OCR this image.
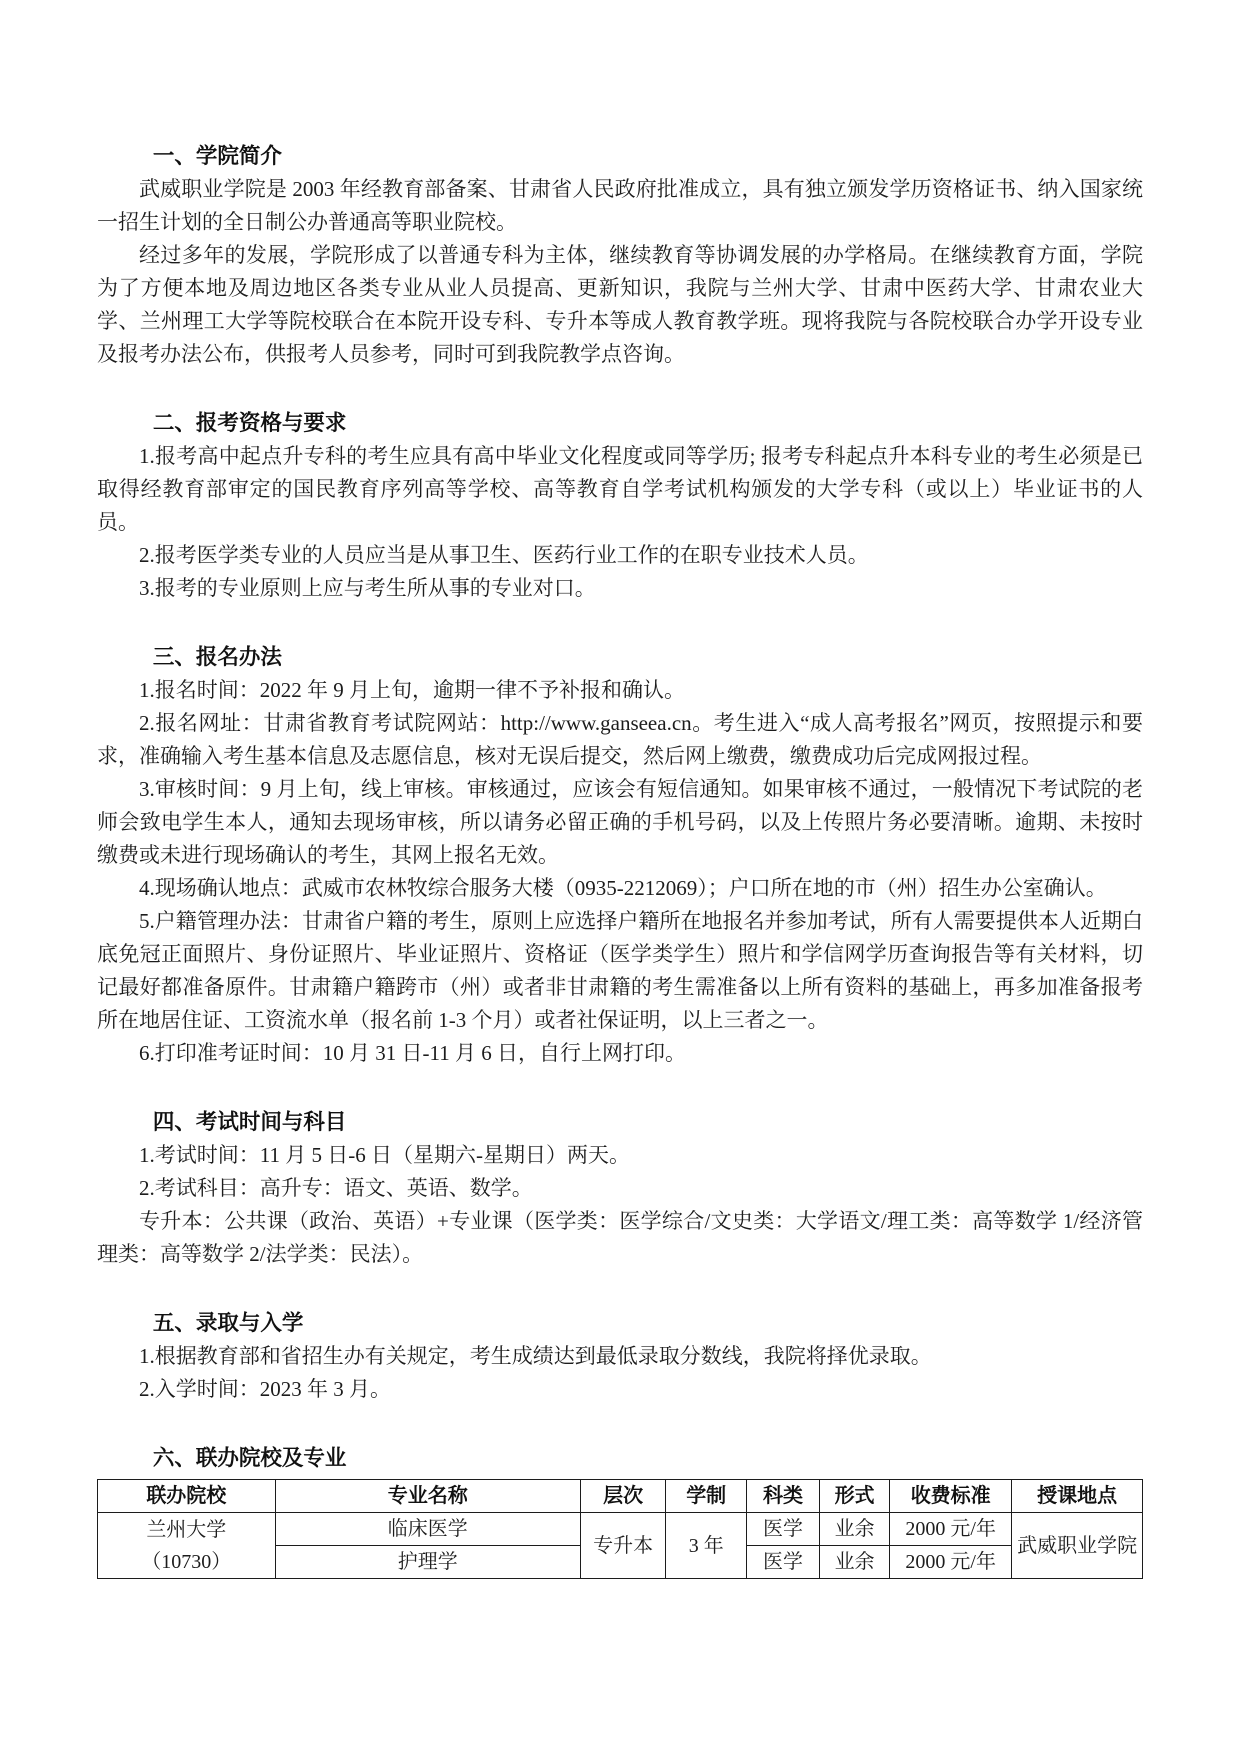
一、学院简介

武威职业学院是 2003 年经教育部备案、甘肃省人民政府批准成立，具有独立颁发学历资格证书、纳入国家统一招生计划的全日制公办普通高等职业院校。

经过多年的发展，学院形成了以普通专科为主体，继续教育等协调发展的办学格局。在继续教育方面，学院为了方便本地及周边地区各类专业从业人员提高、更新知识，我院与兰州大学、甘肃中医药大学、甘肃农业大学、兰州理工大学等院校联合在本院开设专科、专升本等成人教育教学班。现将我院与各院校联合办学开设专业及报考办法公布，供报考人员参考，同时可到我院教学点咨询。

二、报考资格与要求

1.报考高中起点升专科的考生应具有高中毕业文化程度或同等学历; 报考专科起点升本科专业的考生必须是已取得经教育部审定的国民教育序列高等学校、高等教育自学考试机构颁发的大学专科（或以上）毕业证书的人员。

2.报考医学类专业的人员应当是从事卫生、医药行业工作的在职专业技术人员。

3.报考的专业原则上应与考生所从事的专业对口。

三、报名办法

1.报名时间：2022 年 9 月上旬，逾期一律不予补报和确认。

2.报名网址：甘肃省教育考试院网站：http://www.ganseea.cn。考生进入“成人高考报名”网页，按照提示和要求，准确输入考生基本信息及志愿信息，核对无误后提交，然后网上缴费，缴费成功后完成网报过程。

3.审核时间：9 月上旬，线上审核。审核通过，应该会有短信通知。如果审核不通过，一般情况下考试院的老师会致电学生本人，通知去现场审核，所以请务必留正确的手机号码，以及上传照片务必要清晰。逾期、未按时缴费或未进行现场确认的考生，其网上报名无效。

4.现场确认地点：武威市农林牧综合服务大楼（0935-2212069）；户口所在地的市（州）招生办公室确认。

5.户籍管理办法：甘肃省户籍的考生，原则上应选择户籍所在地报名并参加考试，所有人需要提供本人近期白底免冠正面照片、身份证照片、毕业证照片、资格证（医学类学生）照片和学信网学历查询报告等有关材料，切记最好都准备原件。甘肃籍户籍跨市（州）或者非甘肃籍的考生需准备以上所有资料的基础上，再多加准备报考所在地居住证、工资流水单（报名前 1-3 个月）或者社保证明，以上三者之一。

6.打印准考证时间：10 月 31 日-11 月 6 日，自行上网打印。

四、考试时间与科目

1.考试时间：11 月 5 日-6 日（星期六-星期日）两天。

2.考试科目：高升专：语文、英语、数学。

专升本：公共课（政治、英语）+专业课（医学类：医学综合/文史类：大学语文/理工类：高等数学 1/经济管理类：高等数学 2/法学类：民法）。

五、录取与入学

1.根据教育部和省招生办有关规定，考生成绩达到最低录取分数线，我院将择优录取。

2.入学时间：2023 年 3 月。

六、联办院校及专业
联办院校	专业名称	层次	学制	科类	形式	收费标准	授课地点

兰州大学
（10730）	临床医学	专升本	3 年	医学	业余	2000 元/年	武威职业学院
	护理学			医学	业余	2000 元/年	
